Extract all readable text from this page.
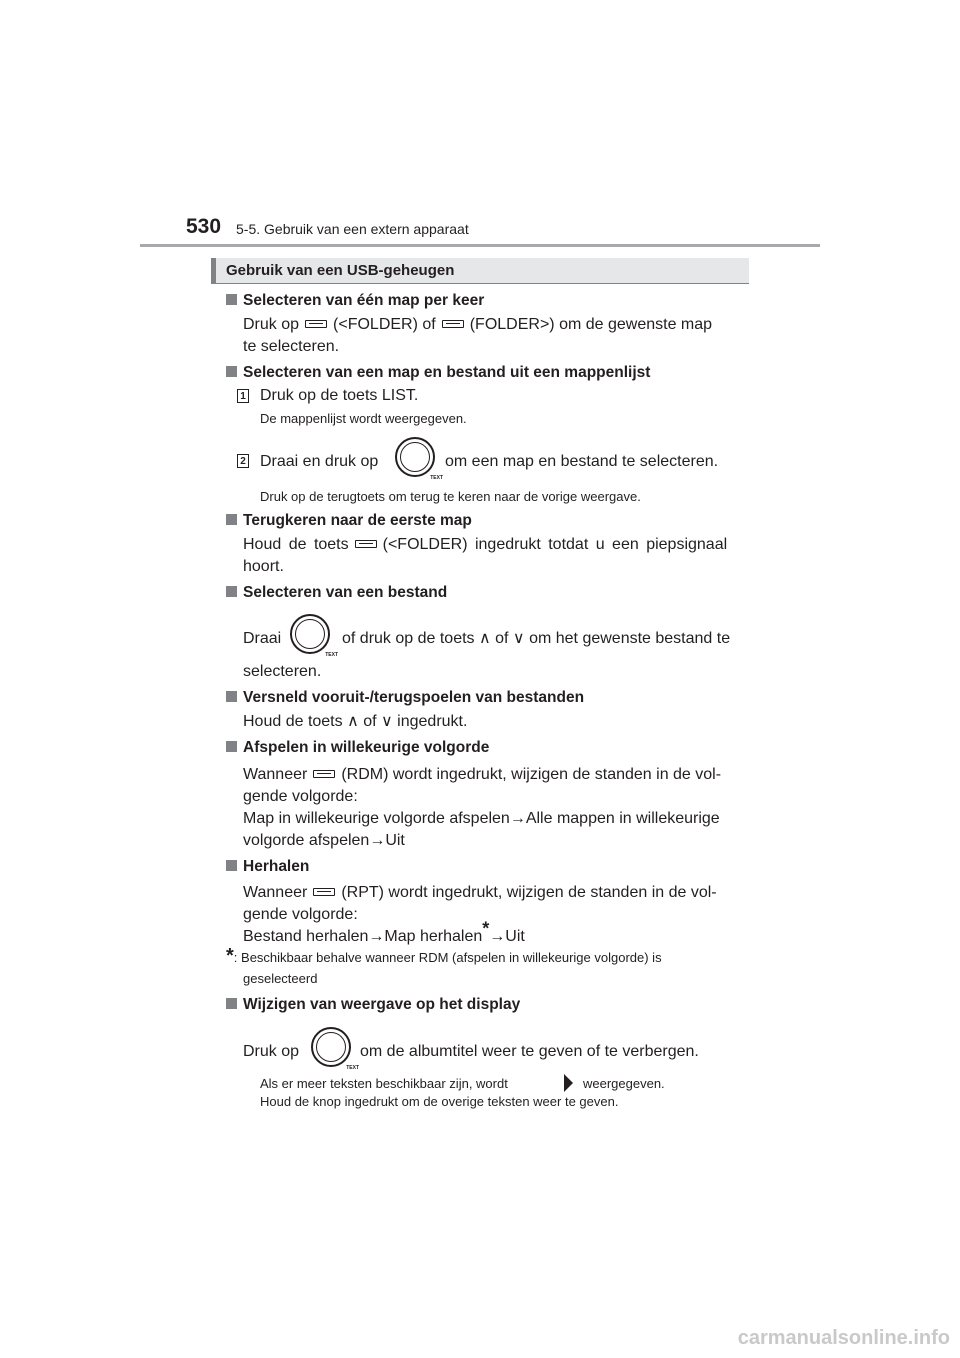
530 5-5. Gebruik van een extern apparaat
Gebruik van een USB-geheugen
Selecteren van één map per keer
Druk op (<FOLDER) of (FOLDER>) om de gewenste map
te selecteren.
Selecteren van een map en bestand uit een mappenlijst
1 Druk op de toets LIST.
De mappenlijst wordt weergegeven.
2 Draai en druk op
TEXT
om een map en bestand te selecteren.
Druk op de terugtoets om terug te keren naar de vorige weergave.
Terugkeren naar de eerste map
Houd de toets (<FOLDER) ingedrukt totdat u een piepsignaal
hoort.
Selecteren van een bestand
Draai
TEXT
of druk op de toets ∧ of ∨ om het gewenste bestand te
selecteren.
Versneld vooruit-/terugspoelen van bestanden
Houd de toets ∧ of ∨ ingedrukt.
Afspelen in willekeurige volgorde
Wanneer (RDM) wordt ingedrukt, wijzigen de standen in de vol-
gende volgorde:
Map in willekeurige volgorde afspelen→Alle mappen in willekeurige
volgorde afspelen→Uit
Herhalen
Wanneer (RPT) wordt ingedrukt, wijzigen de standen in de vol-
gende volgorde:
Bestand herhalen→Map herhalen*→Uit
*: Beschikbaar behalve wanneer RDM (afspelen in willekeurige volgorde) is
geselecteerd
Wijzigen van weergave op het display
Druk op
TEXT
om de albumtitel weer te geven of te verbergen.
Als er meer teksten beschikbaar zijn, wordt	weergegeven.
Houd de knop ingedrukt om de overige teksten weer te geven.
carmanualsonline.info
